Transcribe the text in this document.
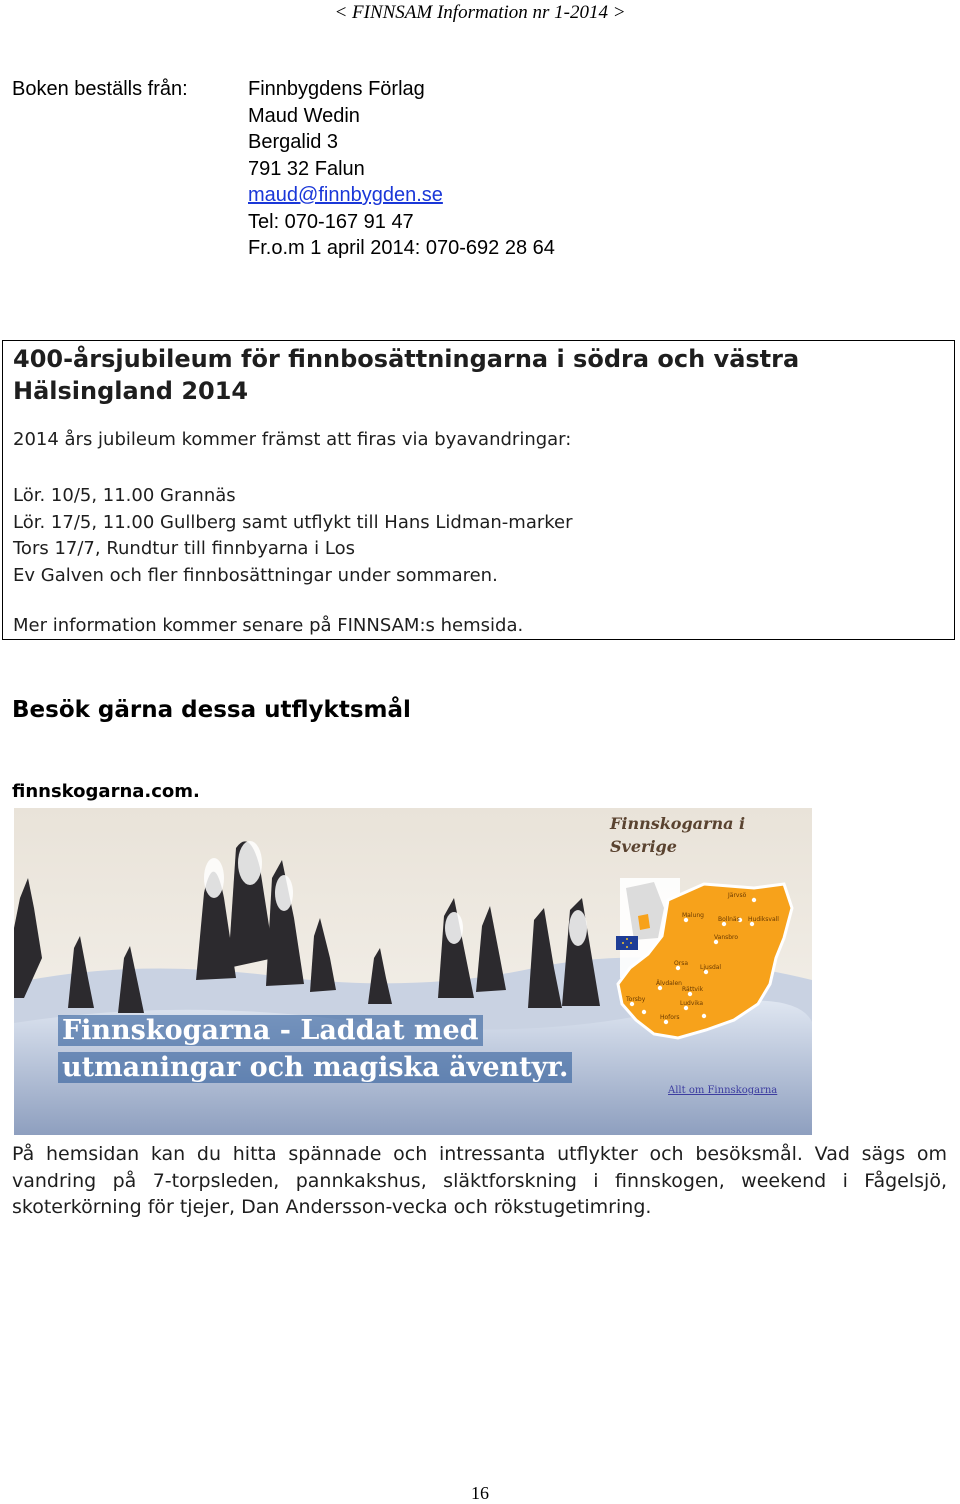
< FINNSAM Information nr 1-2014 >
Boken beställs från:	Finnbygdens Förlag
Maud Wedin
Bergalid 3
791 32 Falun
maud@finnbygden.se
Tel: 070-167 91 47
Fr.o.m 1 april 2014: 070-692 28 64
400-årsjubileum för finnbosättningarna i södra och västra Hälsingland 2014
2014 års jubileum kommer främst att firas via byavandringar:
Lör. 10/5, 11.00 Grannäs
Lör. 17/5, 11.00 Gullberg samt utflykt till Hans Lidman-marker
Tors 17/7, Rundtur till finnbyarna i Los
Ev Galven och fler finnbosättningar under sommaren.
Mer information kommer senare på FINNSAM:s hemsida.
Besök gärna dessa utflyktsmål
finnskogarna.com.
Järvsö
Orsa
Ljusdal
Älvdalen
Rättvik
Hudiksvall
Bollnäs
Malung
Vansbro
Torsby
Ludvika
Hofors
Finnskogarna i Sverige
Finnskogarna - Laddat med
utmaningar och magiska äventyr.
Allt om Finnskogarna
På hemsidan kan du hitta spännade och intressanta utflykter och besöksmål. Vad sägs om vandring på 7-torpsleden, pannkakshus, släktforskning i finnskogen, weekend i Fågelsjö, skoterkörning för tjejer, Dan Andersson-vecka och rökstugetimring.
16
